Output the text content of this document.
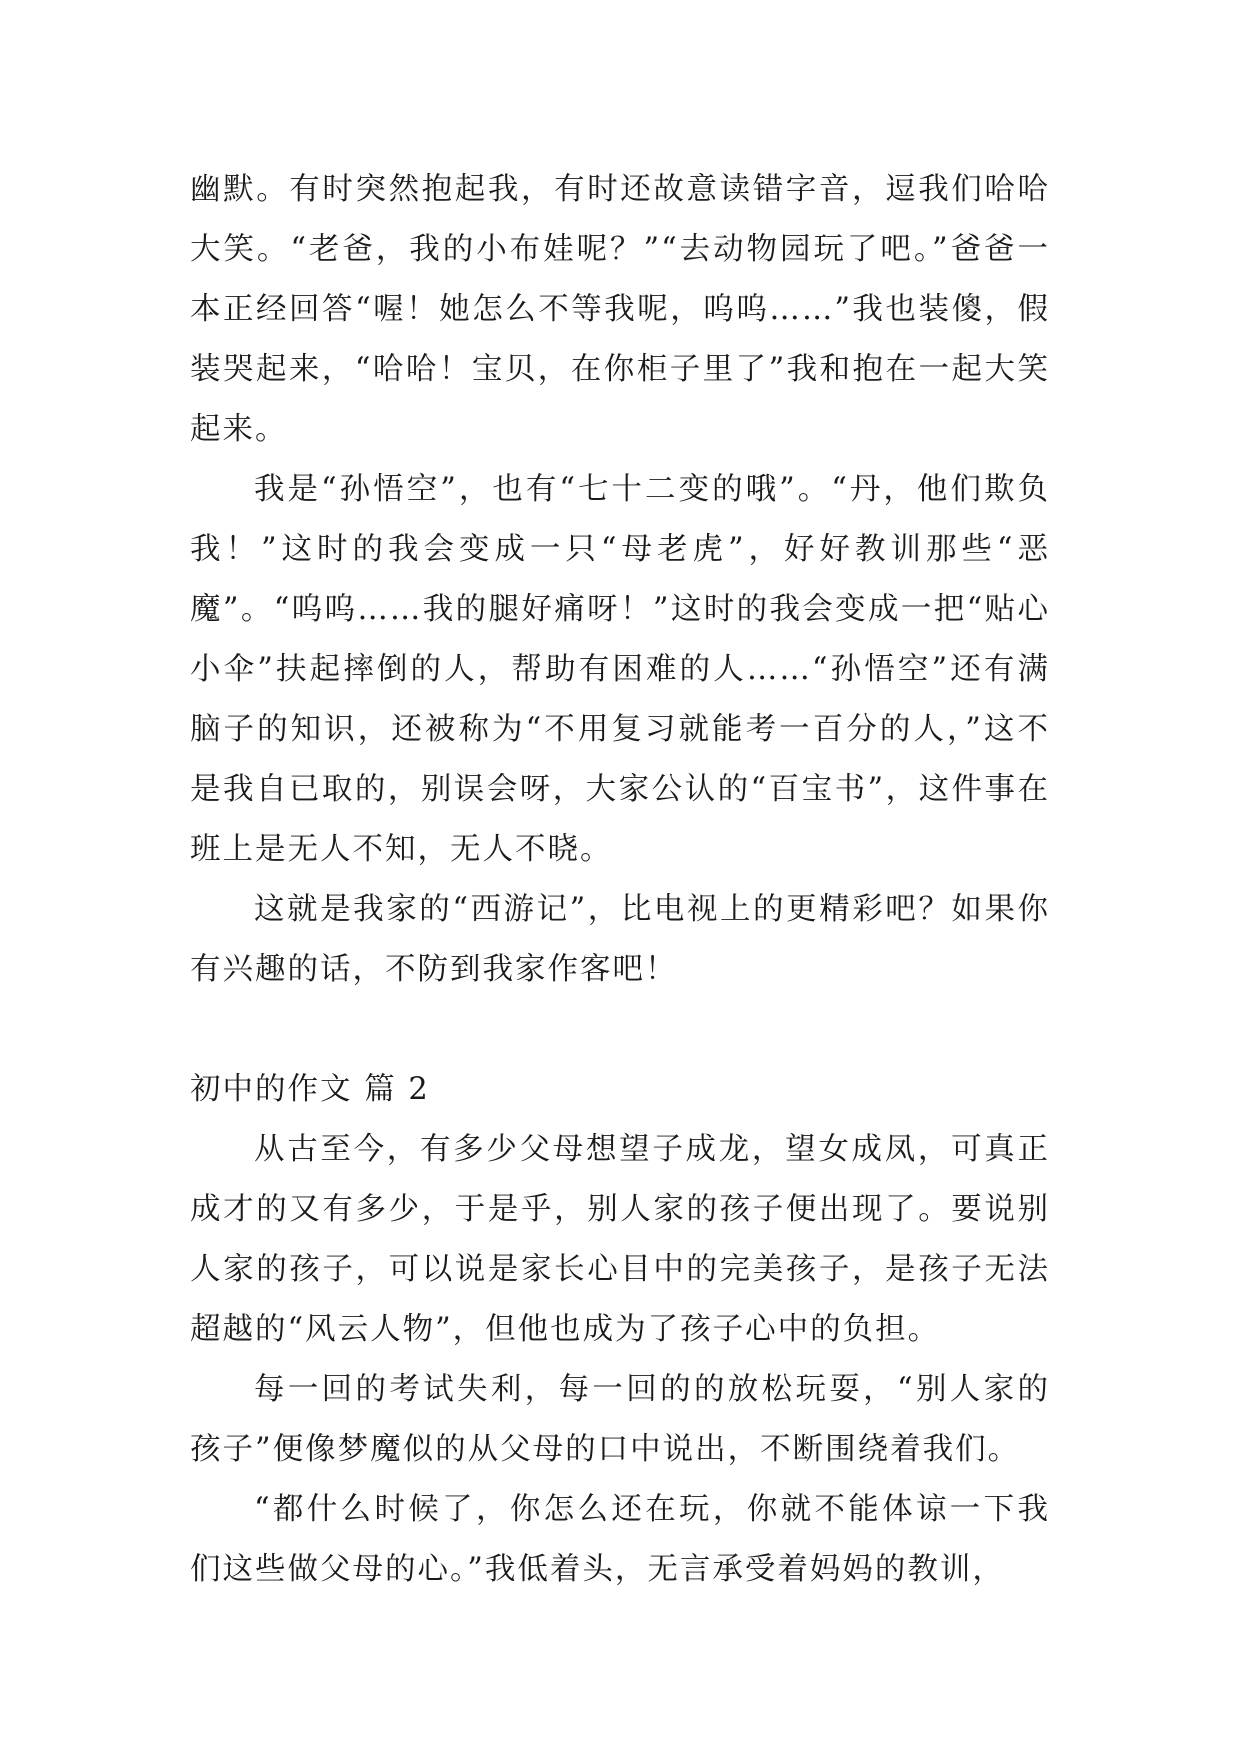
幽默。有时突然抱起我，有时还故意读错字音，逗我们哈哈大笑。“老爸，我的小布娃呢？”“去动物园玩了吧。”爸爸一本正经回答“喔！她怎么不等我呢，呜呜……”我也装傻，假装哭起来，“哈哈！宝贝，在你柜子里了”我和抱在一起大笑起来。

我是“孙悟空”，也有“七十二变的哦”。“丹，他们欺负我！”这时的我会变成一只“母老虎”，好好教训那些“恶魔”。“呜呜……我的腿好痛呀！”这时的我会变成一把“贴心小伞”扶起摔倒的人，帮助有困难的人……“孙悟空”还有满脑子的知识，还被称为“不用复习就能考一百分的人，”这不是我自已取的，别误会呀，大家公认的“百宝书”，这件事在班上是无人不知，无人不晓。

这就是我家的“西游记”，比电视上的更精彩吧？如果你有兴趣的话，不防到我家作客吧！

初中的作文 篇 2

从古至今，有多少父母想望子成龙，望女成凤，可真正成才的又有多少，于是乎，别人家的孩子便出现了。要说别人家的孩子，可以说是家长心目中的完美孩子，是孩子无法超越的“风云人物”，但他也成为了孩子心中的负担。

每一回的考试失利，每一回的的放松玩耍，“别人家的孩子”便像梦魔似的从父母的口中说出，不断围绕着我们。

“都什么时候了，你怎么还在玩，你就不能体谅一下我们这些做父母的心。”我低着头，无言承受着妈妈的教训，
